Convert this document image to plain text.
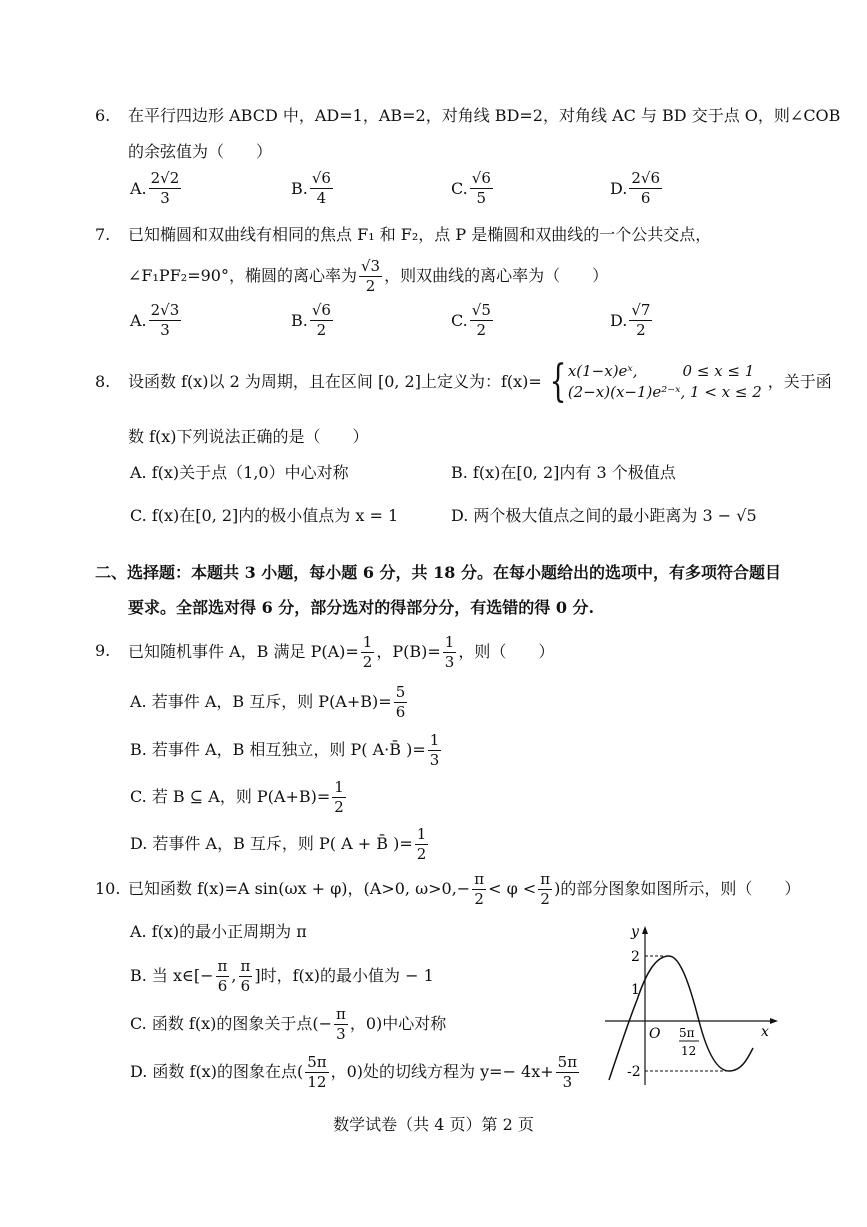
6. 在平行四边形 ABCD 中，AD=1，AB=2，对角线 BD=2，对角线 AC 与 BD 交于点 O，则∠COB
的余弦值为（　　）
A. $\frac{2√2}{3}$	B. $\frac{√6}{4}$	C. $\frac{√6}{5}$	D. $\frac{2√6}{6}$
7. 已知椭圆和双曲线有相同的焦点 F₁ 和 F₂，点 P 是椭圆和双曲线的一个公共交点，
∠F₁PF₂=90°，椭圆的离心率为 $\frac{√3}{2}$ ，则双曲线的离心率为（　　）
A. $\frac{2√3}{3}$	B. $\frac{√6}{2}$	C. $\frac{√5}{2}$	D. $\frac{√7}{2}$
8. 设函数 f(x)以 2 为周期，且在区间 [0, 2]上定义为：f(x)= { x(1−x)eˣ,　　　0 ≤ x ≤ 1
(2−x)(x−1)e²⁻ˣ, 1 < x ≤ 2
，关于函
数 f(x)下列说法正确的是（　　）
A. f(x)关于点（1,0）中心对称	B. f(x)在[0, 2]内有 3 个极值点
C. f(x)在[0, 2]内的极小值点为 x = 1	D. 两个极大值点之间的最小距离为 3 − √5
二、选择题：本题共 3 小题，每小题 6 分，共 18 分。在每小题给出的选项中，有多项符合题目
要求。全部选对得 6 分，部分选对的得部分分，有选错的得 0 分.
9. 已知随机事件 A，B 满足 $P(A)= \frac{1}{2}$ ，$P(B)= \frac{1}{3}$ ，则（　　）
A. 若事件 A，B 互斥，则 $P(A+B)= \frac{5}{6}$
B. 若事件 A，B 相互独立，则 P( A·B̄ )= $\frac{1}{3}$
C. 若 B ⊆ A，则 $P(A+B)= \frac{1}{2}$
D. 若事件 A，B 互斥，则 P( A + B̄ )= $\frac{1}{2}$
10. 已知函数 f(x)=A sin(ωx + φ)，(A>0, $\omega>0,- \frac{\pi}{2} < \varphi < \frac{\pi}{2}$ )的部分图象如图所示，则（　　）
A. f(x)的最小正周期为 π
B. 当 x∈[− $\frac{\pi}{6}$ , $\frac{\pi}{6}$ ]时，f(x)的最小值为 − 1
C. 函数 f(x)的图象关于点(− $\frac{\pi}{3}$ ，0)中心对称
D. 函数 f(x)的图象在点( $\frac{5\pi}{12}$ ，0)处的切线方程为 $y=- 4x+ \frac{5\pi}{3}$
y
x
O
2
1
-2
5π
12
数学试卷（共 4 页）第 2 页
